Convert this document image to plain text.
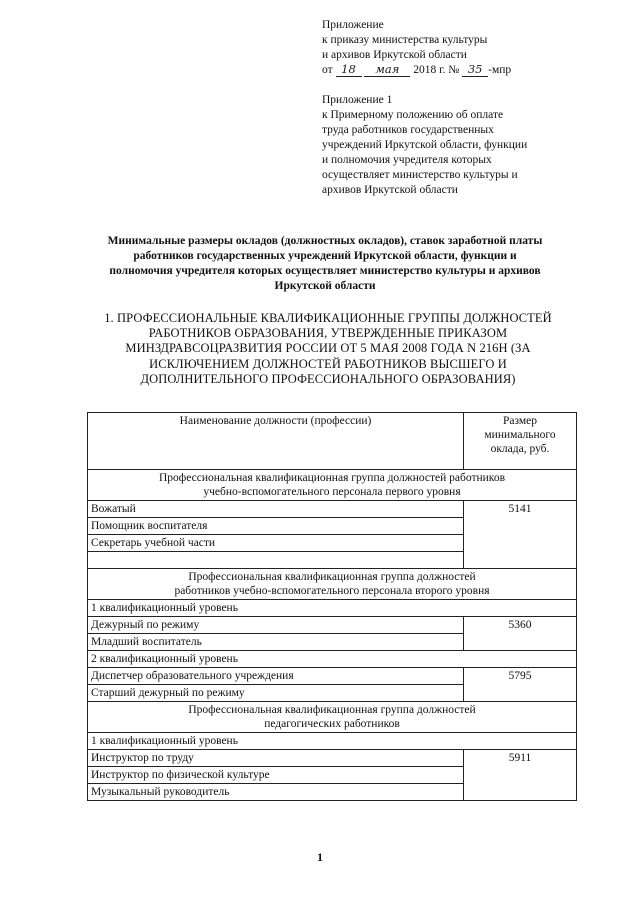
Приложение
к приказу министерства культуры
и архивов Иркутской области
от 18 мая 2018 г. № 35 -мпр
Приложение 1
к Примерному положению об оплате
труда работников государственных
учреждений Иркутской области, функции
и полномочия учредителя которых
осуществляет министерство культуры и
архивов Иркутской области
Минимальные размеры окладов (должностных окладов), ставок заработной платы
работников государственных учреждений Иркутской области, функции и
полномочия учредителя которых осуществляет министерство культуры и архивов
Иркутской области
1. ПРОФЕССИОНАЛЬНЫЕ КВАЛИФИКАЦИОННЫЕ ГРУППЫ ДОЛЖНОСТЕЙ
РАБОТНИКОВ ОБРАЗОВАНИЯ, УТВЕРЖДЕННЫЕ ПРИКАЗОМ
МИНЗДРАВСОЦРАЗВИТИЯ РОССИИ ОТ 5 МАЯ 2008 ГОДА N 216Н (ЗА
ИСКЛЮЧЕНИЕМ ДОЛЖНОСТЕЙ РАБОТНИКОВ ВЫСШЕГО И
ДОПОЛНИТЕЛЬНОГО ПРОФЕССИОНАЛЬНОГО ОБРАЗОВАНИЯ)
Наименование должности (профессии)	Размер
минимального
оклада, руб.

Профессиональная квалификационная группа должностей работников
учебно-вспомогательного персонала первого уровня	

Вожатый	5141
Помощник воспитателя	
Секретарь учебной части	

Профессиональная квалификационная группа должностей
работников учебно-вспомогательного персонала второго уровня	

1 квалификационный уровень	
Дежурный по режиму	5360
Младший воспитатель	
2 квалификационный уровень	
Диспетчер образовательного учреждения	5795
Старший дежурный по режиму	

Профессиональная квалификационная группа должностей
педагогических работников	

1 квалификационный уровень	
Инструктор по труду	5911
Инструктор по физической культуре	
Музыкальный руководитель	
1
